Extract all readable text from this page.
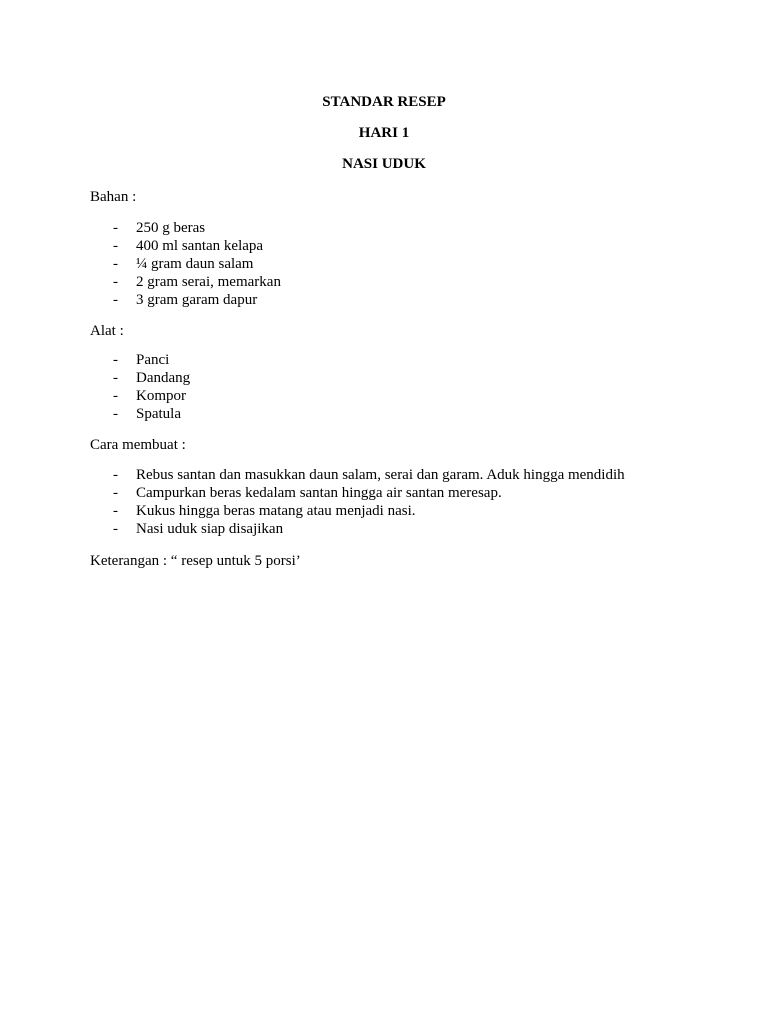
STANDAR RESEP
HARI 1
NASI UDUK
Bahan :
- 250 g beras
- 400 ml santan kelapa
- ¼ gram daun salam
- 2 gram serai, memarkan
- 3 gram garam dapur
Alat :
- Panci
- Dandang
- Kompor
- Spatula
Cara membuat :
- Rebus santan dan masukkan daun salam, serai dan garam. Aduk hingga mendidih
- Campurkan beras kedalam santan hingga air santan meresap.
- Kukus hingga beras matang atau menjadi nasi.
- Nasi uduk siap disajikan
Keterangan : “ resep untuk 5 porsi’
